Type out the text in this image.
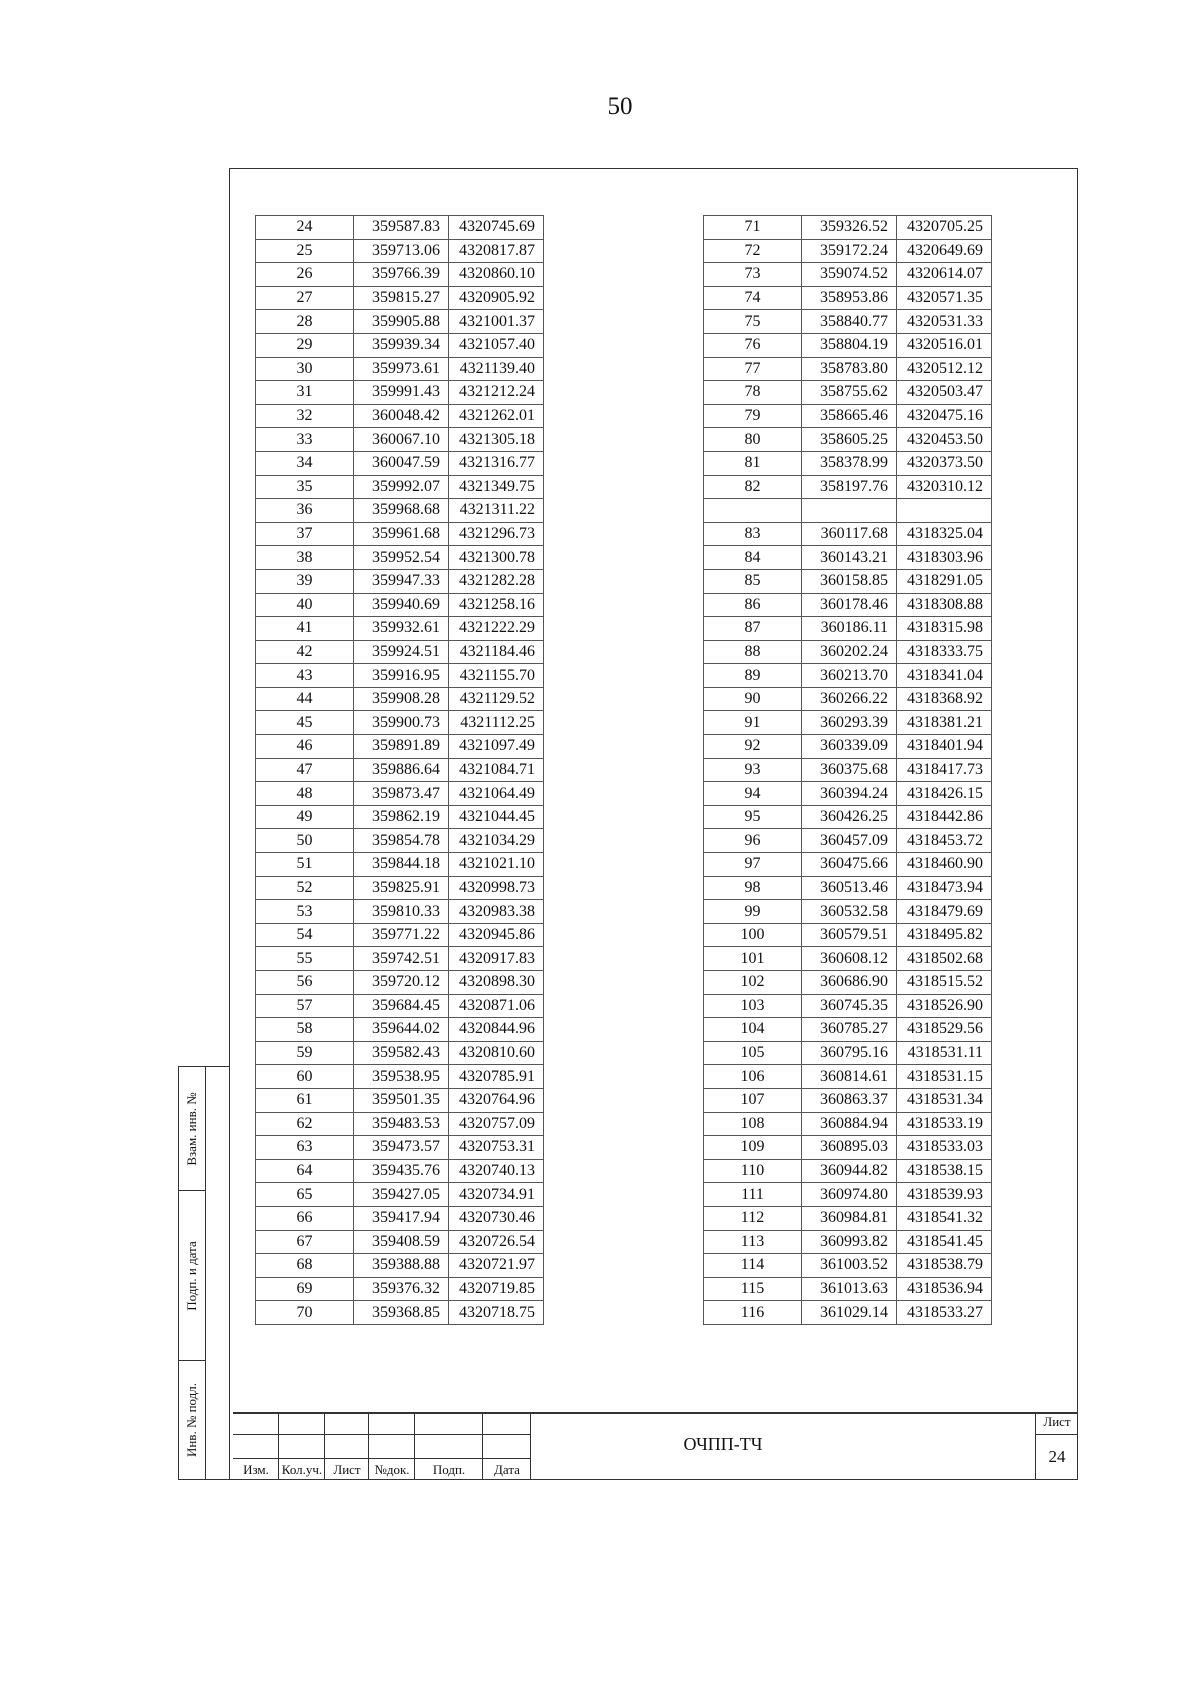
50
24	359587.83	4320745.69
25	359713.06	4320817.87
26	359766.39	4320860.10
27	359815.27	4320905.92
28	359905.88	4321001.37
29	359939.34	4321057.40
30	359973.61	4321139.40
31	359991.43	4321212.24
32	360048.42	4321262.01
33	360067.10	4321305.18
34	360047.59	4321316.77
35	359992.07	4321349.75
36	359968.68	4321311.22
37	359961.68	4321296.73
38	359952.54	4321300.78
39	359947.33	4321282.28
40	359940.69	4321258.16
41	359932.61	4321222.29
42	359924.51	4321184.46
43	359916.95	4321155.70
44	359908.28	4321129.52
45	359900.73	4321112.25
46	359891.89	4321097.49
47	359886.64	4321084.71
48	359873.47	4321064.49
49	359862.19	4321044.45
50	359854.78	4321034.29
51	359844.18	4321021.10
52	359825.91	4320998.73
53	359810.33	4320983.38
54	359771.22	4320945.86
55	359742.51	4320917.83
56	359720.12	4320898.30
57	359684.45	4320871.06
58	359644.02	4320844.96
59	359582.43	4320810.60
60	359538.95	4320785.91
61	359501.35	4320764.96
62	359483.53	4320757.09
63	359473.57	4320753.31
64	359435.76	4320740.13
65	359427.05	4320734.91
66	359417.94	4320730.46
67	359408.59	4320726.54
68	359388.88	4320721.97
69	359376.32	4320719.85
70	359368.85	4320718.75
71	359326.52	4320705.25
72	359172.24	4320649.69
73	359074.52	4320614.07
74	358953.86	4320571.35
75	358840.77	4320531.33
76	358804.19	4320516.01
77	358783.80	4320512.12
78	358755.62	4320503.47
79	358665.46	4320475.16
80	358605.25	4320453.50
81	358378.99	4320373.50
82	358197.76	4320310.12

83	360117.68	4318325.04
84	360143.21	4318303.96
85	360158.85	4318291.05
86	360178.46	4318308.88
87	360186.11	4318315.98
88	360202.24	4318333.75
89	360213.70	4318341.04
90	360266.22	4318368.92
91	360293.39	4318381.21
92	360339.09	4318401.94
93	360375.68	4318417.73
94	360394.24	4318426.15
95	360426.25	4318442.86
96	360457.09	4318453.72
97	360475.66	4318460.90
98	360513.46	4318473.94
99	360532.58	4318479.69
100	360579.51	4318495.82
101	360608.12	4318502.68
102	360686.90	4318515.52
103	360745.35	4318526.90
104	360785.27	4318529.56
105	360795.16	4318531.11
106	360814.61	4318531.15
107	360863.37	4318531.34
108	360884.94	4318533.19
109	360895.03	4318533.03
110	360944.82	4318538.15
111	360974.80	4318539.93
112	360984.81	4318541.32
113	360993.82	4318541.45
114	361003.52	4318538.79
115	361013.63	4318536.94
116	361029.14	4318533.27
Взам. инв. №
Подп. и дата
Инв. № подл.
Изм. Кол.уч. Лист	№док.	Подп.	Дата
ОЧПП-ТЧ
Лист
24
